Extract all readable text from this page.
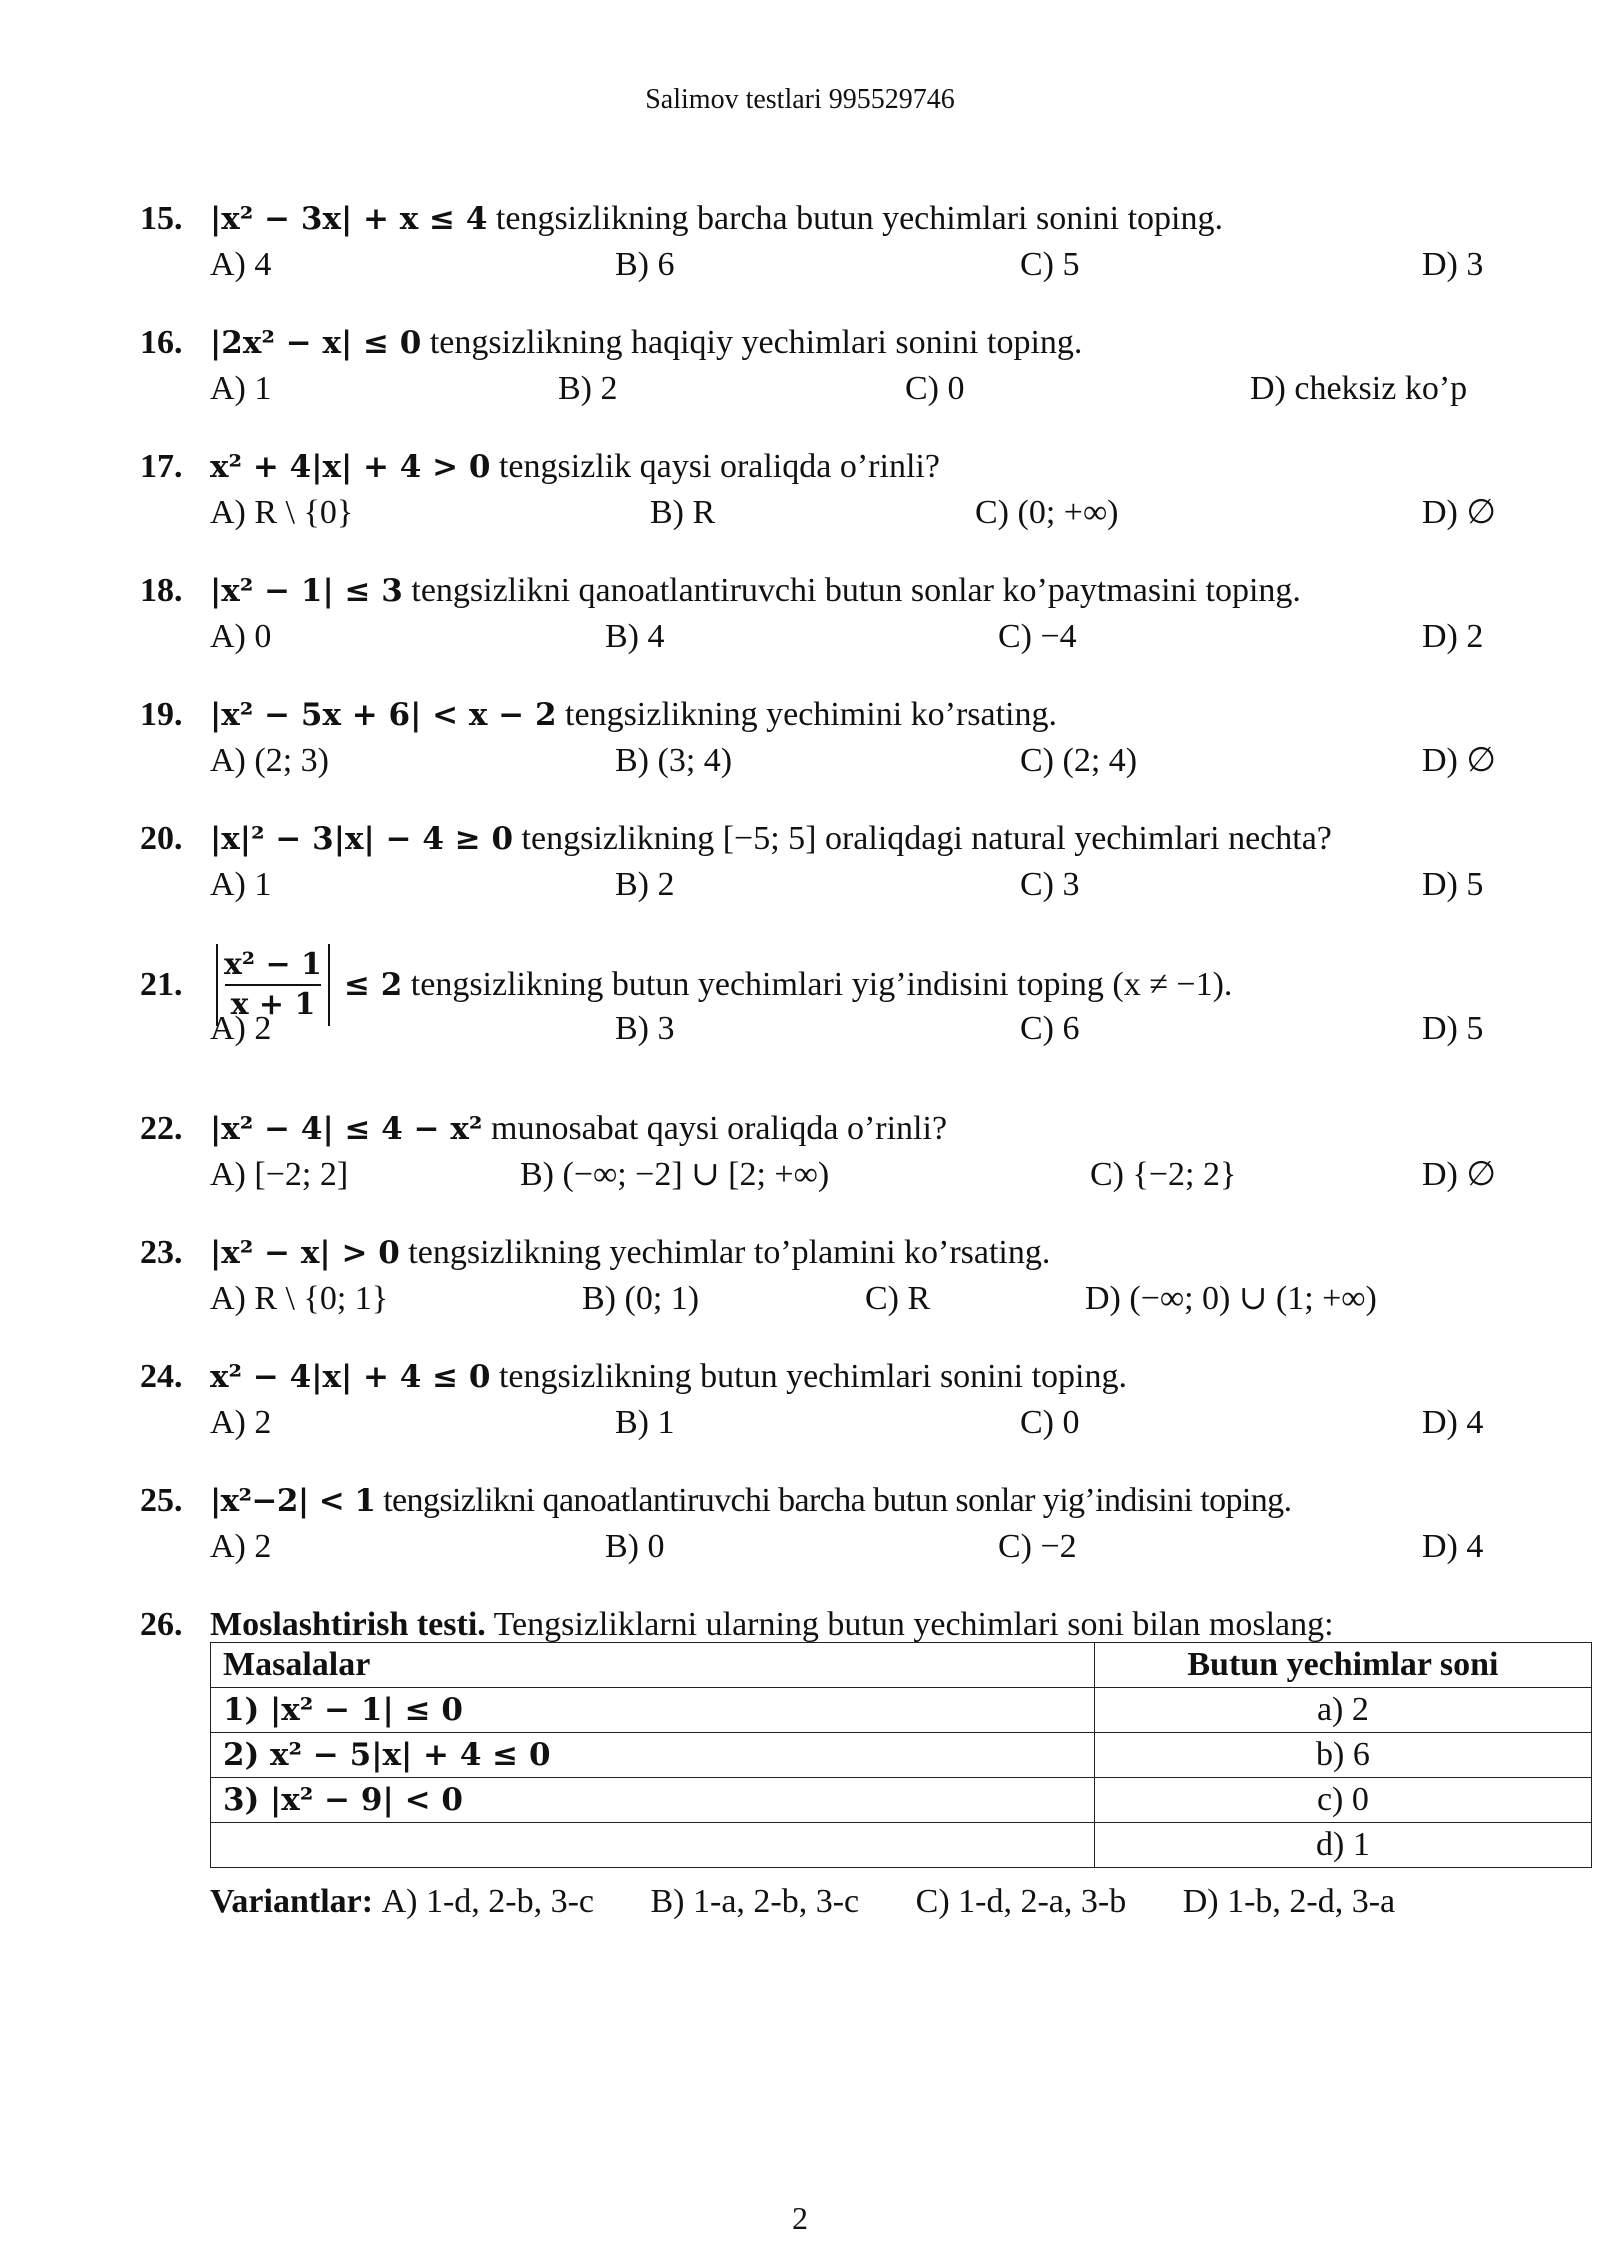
Salimov testlari 995529746
15. |x² − 3x| + x ≤ 4 tengsizlikning barcha butun yechimlari sonini toping.
A) 4	B) 6	C) 5	D) 3
16. |2x² − x| ≤ 0 tengsizlikning haqiqiy yechimlari sonini toping.
A) 1	B) 2	C) 0	D) cheksiz ko’p
17. x² + 4|x| + 4 > 0 tengsizlik qaysi oraliqda o’rinli?
A) R \ {0}	B) R	C) (0; +∞)	D) ∅
18. |x² − 1| ≤ 3 tengsizlikni qanoatlantiruvchi butun sonlar ko’paytmasini toping.
A) 0	B) 4	C) −4	D) 2
19. |x² − 5x + 6| < x − 2 tengsizlikning yechimini ko’rsating.
A) (2; 3)	B) (3; 4)	C) (2; 4)	D) ∅
20. |x|² − 3|x| − 4 ≥ 0 tengsizlikning [−5; 5] oraliqdagi natural yechimlari nechta?
A) 1	B) 2	C) 3	D) 5
21. $\frac{\text{x² − 1}}{x + 1} \le 2$ tengsizlikning butun yechimlari yig’indisini toping (x ≠ −1).
A) 2	B) 3	C) 6	D) 5
22. |x² − 4| ≤ 4 − x² munosabat qaysi oraliqda o’rinli?
A) [−2; 2]	B) (−∞; −2] ∪ [2; +∞)	C) {−2; 2}	D) ∅
23. |x² − x| > 0 tengsizlikning yechimlar to’plamini ko’rsating.
A) R \ {0; 1}	B) (0; 1)	C) R	D) (−∞; 0) ∪ (1; +∞)
24. x² − 4|x| + 4 ≤ 0 tengsizlikning butun yechimlari sonini toping.
A) 2	B) 1	C) 0	D) 4
25. |x²−2| < 1 tengsizlikni qanoatlantiruvchi barcha butun sonlar yig’indisini toping.
A) 2	B) 0	C) −2	D) 4
26. Moslashtirish testi. Tengsizliklarni ularning butun yechimlari soni bilan moslang:
Masalalar	Butun yechimlar soni
1) |x² − 1| ≤ 0	a) 2
2) x² − 5|x| + 4 ≤ 0	b) 6
3) |x² − 9| < 0	c) 0
	d) 1
Variantlar: A) 1-d, 2-b, 3-c B) 1-a, 2-b, 3-c C) 1-d, 2-a, 3-b D) 1-b, 2-d, 3-a
2
